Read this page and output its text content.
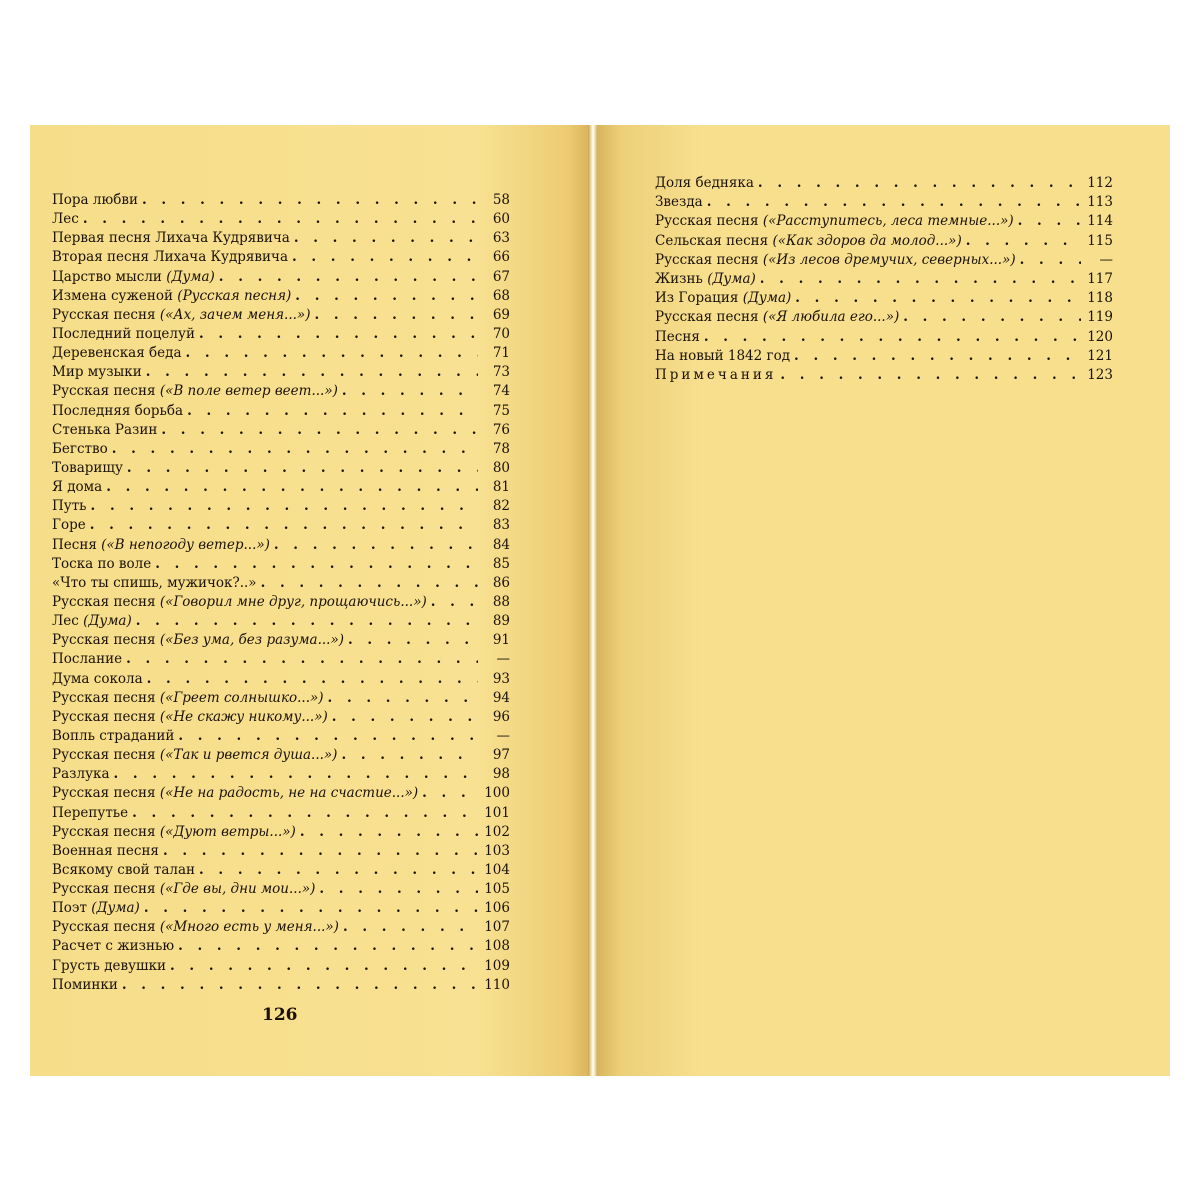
Пора любви . . .	58
Лес . . .	60
Первая песня Лихача Кудрявича . . .	63
Вторая песня Лихача Кудрявича . . .	66
Царство мысли (Дума) . . .	67
Измена суженой (Русская песня) . . .	68
Русская песня («Ах, зачем меня...») . . .	69
Последний поцелуй . . .	70
Деревенская беда . . .	71
Мир музыки . . .	73
Русская песня («В поле ветер веет...») . . .	74
Последняя борьба . . .	75
Стенька Разин . . .	76
Бегство . . .	78
Товарищу . . .	80
Я дома . . .	81
Путь . . .	82
Горе . . .	83
Песня («В непогоду ветер...») . . .	84
Тоска по воле . . .	85
«Что ты спишь, мужичок?..» . . .	86
Русская песня («Говорил мне друг, прощаючись...») . . .	88
Лес (Дума) . . .	89
Русская песня («Без ума, без разума...») . . .	91
Послание . . .	—
Дума сокола . . .	93
Русская песня («Греет солнышко...») . . .	94
Русская песня («Не скажу никому...») . . .	96
Вопль страданий . . .	—
Русская песня («Так и рвется душа...») . . .	97
Разлука . . .	98
Русская песня («Не на радость, не на счастие...») . . .	100
Перепутье . . .	101
Русская песня («Дуют ветры...») . . .	102
Военная песня . . .	103
Всякому свой талан . . .	104
Русская песня («Где вы, дни мои...») . . .	105
Поэт (Дума) . . .	106
Русская песня («Много есть у меня...») . . .	107
Расчет с жизнью . . .	108
Грусть девушки . . .	109
Поминки . . .	110
Доля бедняка . . .	112
Звезда . . .	113
Русская песня («Расступитесь, леса темные...») . . .	114
Сельская песня («Как здоров да молод...») . . .	115
Русская песня («Из лесов дремучих, северных...») . . .	—
Жизнь (Дума) . . .	117
Из Горация (Дума) . . .	118
Русская песня («Я любила его...») . . .	119
Песня . . .	120
На новый 1842 год . . .	121
Примечания . . .	123
126
